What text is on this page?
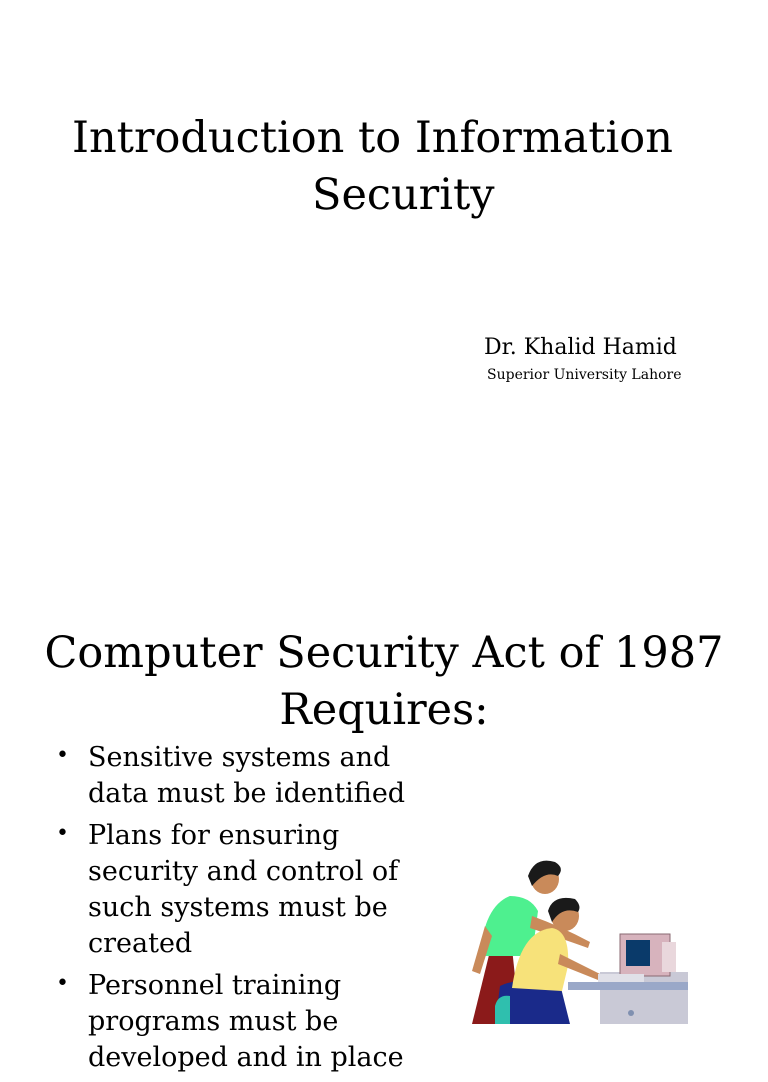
Introduction to Information
Security
Dr. Khalid Hamid
Superior University Lahore
Computer Security Act of 1987
Requires:
• Sensitive systems and data must be identified
• Plans for ensuring security and control of such systems must be created
• Personnel training programs must be developed and in place
